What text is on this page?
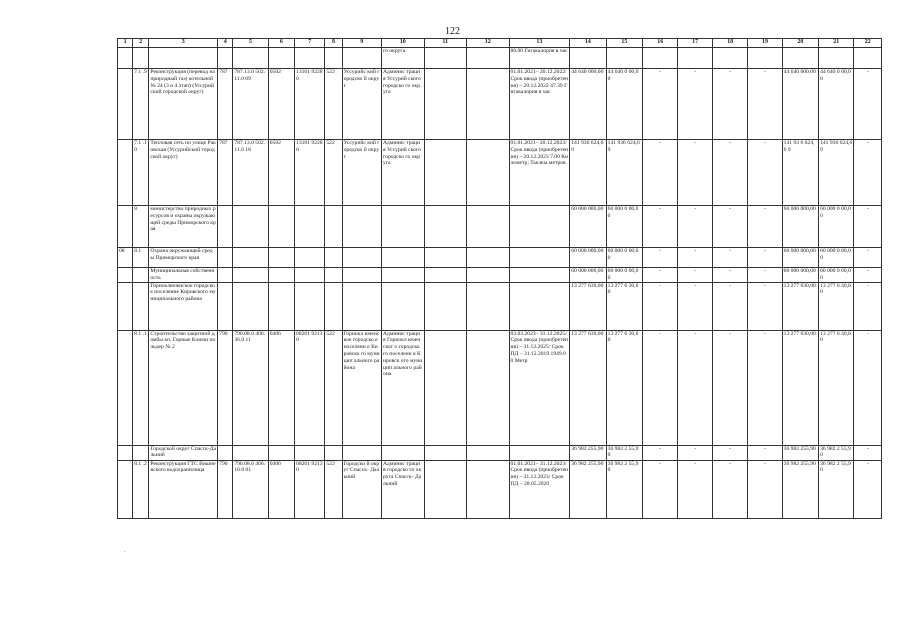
122
1	2	3	4	5	6	7	8	9	10	11	12	13	14	15	16	17	18	19	20	21	22
									го округа			86.00 Гигакалория в час									
	7.1 .9	Реконструкция (перевод на природный газ) котельной № 24 (3 и 4 этап) (Уссурийский городской округ)	787	787.13.0 502.11.0 09	0502	13101 92280	522	Уссурийс кий городско й округ	Админис трация Уссурий ского городско го округа			01.01.2021– 20.12.2022/ Срок ввода (приобретения) – 20.12.2022 47.39 Гигакалория в час	44 640 000,00	44 640 0 00,00	-	-	-	-	44 640 000,00	44 640 0 00,00	-
	7.1 .10	Тепловая сеть по улице Раковская (Уссурийский городской округ)	787	787.13.0 502.11.0 18	0502	13101 92280	522	Уссурийс кий городско й округ	Админис трация Уссурий ского городско го округа			01.01.2021– 20.12.2023/ Срок ввода (приобретения) – 20.12.2023 7.00 Километр; Тысяча метров	141 936 624,69	141 936 624,69	-	-	-	-	141 93 6 624,6 9	141 936 624,69	-
	8	министерство природных ресурсов и охраны окружающей среды Приморского края											60 000 000,00	60 000 0 00,00	-	-	-	-	60 000 000,00	60 000 0 00,00	-
08	8.1	Охрана окружающей среды Приморского края											60 000 000,00	60 000 0 00,00	-	-	-	-	60 000 000,00	60 000 0 00,00	-
		Муниципальная собственность											60 000 000,00	60 000 0 00,00	-	-	-	-	60 000 000,00	60 000 0 00,00	-
		Горноключенское городское поселение Кировского муниципального района											13 277 630,00	13 277 6 30,00	-	-	-	-	13 277 630,00	13 277 6 30,00	-
	8.1 .1	Строительство защитной дамбы кп. Горные Ключи польдер № 2	790	790.08.0 406.36.0 11	0406	08201 92130	522	Горнокл юченское городско е поселени е Кировско го муницип ального района	Админис трация Горнокл юченског о городско го поселени я Кировск ого муницип ального района			03.03.2023– 31.12.2025/ Срок ввода (приобретения) – 31.12.2025/ Срок ПД – 31.12.2019 1949.00 Метр	13 277 630,00	13 277 6 30,00	-	-	-	-	13 277 630,00	13 277 6 30,00	-
		Городской округ Спасск-Дальний											36 982 255,90	36 982 2 55,90	-	-	-	-	36 982 255,90	36 982 2 55,90	-
	8.1 .2	Реконструкция ГТС Вишневского водохранилища	790	790.08.0 406.10.0 01	0406	08201 92130	522	Городско й округ Спасск- Дальний	Админис трация городско го округа Спасск- Дальний			01.01.2021– 31.12.2023/ Срок ввода (приобретения) – 31.12.2023/ Срок ПД – 28.05.2020	36 982 255,90	36 982 2 55,90	-	-	-	-	36 982 255,90	36 982 2 55,90	-
.
